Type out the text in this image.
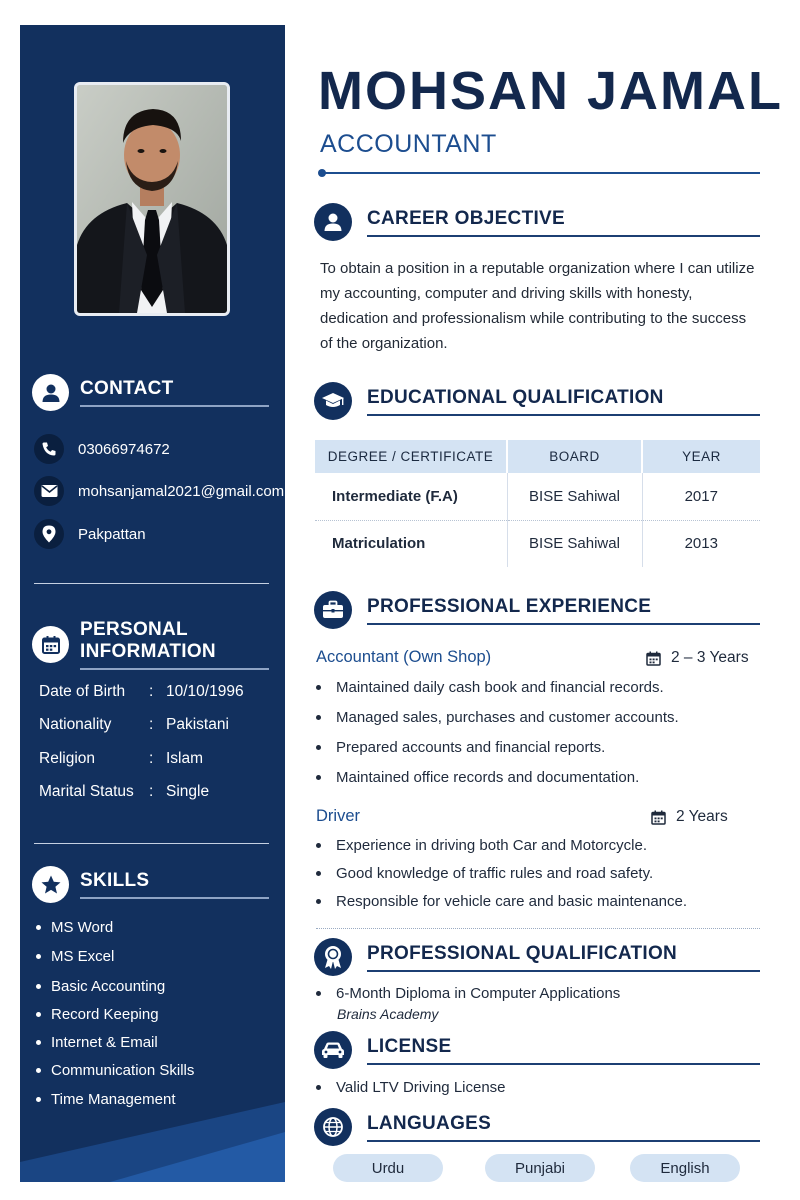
CONTACT
03066974672
mohsanjamal2021@gmail.com
Pakpattan
PERSONAL INFORMATION
Date of Birth	: 10/10/1996
Nationality	: Pakistani
Religion	: Islam
Marital Status : Single
SKILLS
MS Word
MS Excel
Basic Accounting
Record Keeping
Internet & Email
Communication Skills
Time Management
MOHSAN JAMAL
ACCOUNTANT
CAREER OBJECTIVE
To obtain a position in a reputable organization where I can utilize my accounting, computer and driving skills with honesty, dedication and professionalism while contributing to the success of the organization.
EDUCATIONAL QUALIFICATION
DEGREE / CERTIFICATE	BOARD	YEAR
Intermediate (F.A)	BISE Sahiwal	2017
Matriculation	BISE Sahiwal	2013
PROFESSIONAL EXPERIENCE
Accountant (Own Shop)	2 – 3 Years
Maintained daily cash book and financial records.
Managed sales, purchases and customer accounts.
Prepared accounts and financial reports.
Maintained office records and documentation.
Driver	2 Years
Experience in driving both Car and Motorcycle.
Good knowledge of traffic rules and road safety.
Responsible for vehicle care and basic maintenance.
PROFESSIONAL QUALIFICATION
6-Month Diploma in Computer Applications
Brains Academy
LICENSE
Valid LTV Driving License
LANGUAGES
Urdu	Punjabi	English
